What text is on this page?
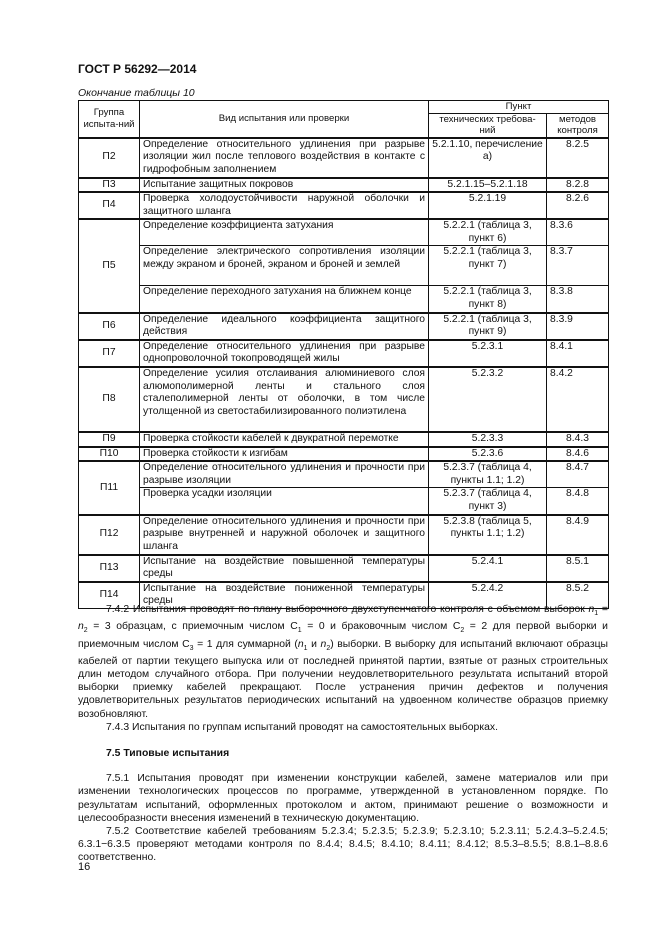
ГОСТ Р 56292—2014
Окончание таблицы 10
Группа испыта-ний	Вид испытания или проверки	Пункт	
		технических требова-ний	методов контроля
П2	Определение относительного удлинения при разрыве изоляции жил после теплового воздействия в контакте с гидрофобным заполнением	5.2.1.10, перечисление а)	8.2.5
П3	Испытание защитных покровов	5.2.1.15–5.2.1.18	8.2.8
П4	Проверка холодоустойчивости наружной оболочки и защитного шланга	5.2.1.19	8.2.6
П5	Определение коэффициента затухания	5.2.2.1 (таблица 3, пункт 6)	8.3.6
	Определение электрического сопротивления изоляции между экраном и броней, экраном и броней и землей	5.2.2.1 (таблица 3, пункт 7)	8.3.7
	Определение переходного затухания на ближнем конце	5.2.2.1 (таблица 3, пункт 8)	8.3.8
П6	Определение идеального коэффициента защитного действия	5.2.2.1 (таблица 3, пункт 9)	8.3.9
П7	Определение относительного удлинения при разрыве однопроволочной токопроводящей жилы	5.2.3.1	8.4.1
П8	Определение усилия отслаивания алюминиевого слоя алюмополимерной ленты и стального слоя сталеполимерной ленты от оболочки, в том числе утолщенной из светостабилизированного полиэтилена	5.2.3.2	8.4.2
П9	Проверка стойкости кабелей к двукратной перемотке	5.2.3.3	8.4.3
П10	Проверка стойкости к изгибам	5.2.3.6	8.4.6
П11	Определение относительного удлинения и прочности при разрыве изоляции	5.2.3.7 (таблица 4, пункты 1.1; 1.2)	8.4.7
	Проверка усадки изоляции	5.2.3.7 (таблица 4, пункт 3)	8.4.8
П12	Определение относительного удлинения и прочности при разрыве внутренней и наружной оболочек и защитного шланга	5.2.3.8 (таблица 5, пункты 1.1; 1.2)	8.4.9
П13	Испытание на воздействие повышенной температуры среды	5.2.4.1	8.5.1
П14	Испытание на воздействие пониженной температуры среды	5.2.4.2	8.5.2

7.4.2 Испытания проводят по плану выборочного двухступенчатого контроля с объемом выборок $n_1 = n_2 = 3$ образцам, с приемочным числом $С_1 = 0$ и браковочным числом $С_2 = 2$ для первой выборки и приемочным числом $С_3 = 1$ для суммарной ($n_1$ и $n_2$) выборки. В выборку для испытаний включают образцы кабелей от партии текущего выпуска или от последней принятой партии, взятые от разных строительных длин методом случайного отбора. При получении неудовлетворительного результата испытаний второй выборки приемку кабелей прекращают. После устранения причин дефектов и получения удовлетворительных результатов периодических испытаний на удвоенном количестве образцов приемку возобновляют.

7.4.3 Испытания по группам испытаний проводят на самостоятельных выборках.

7.5 Типовые испытания

7.5.1 Испытания проводят при изменении конструкции кабелей, замене материалов или при изменении технологических процессов по программе, утвержденной в установленном порядке. По результатам испытаний, оформленных протоколом и актом, принимают решение о возможности и целесообразности внесения изменений в техническую документацию.

7.5.2 Соответствие кабелей требованиям 5.2.3.4; 5.2.3.5; 5.2.3.9; 5.2.3.10; 5.2.3.11; 5.2.4.3–5.2.4.5; 6.3.1−6.3.5 проверяют методами контроля по 8.4.4; 8.4.5; 8.4.10; 8.4.11; 8.4.12; 8.5.3–8.5.5; 8.8.1–8.8.6 соответственно.

16
